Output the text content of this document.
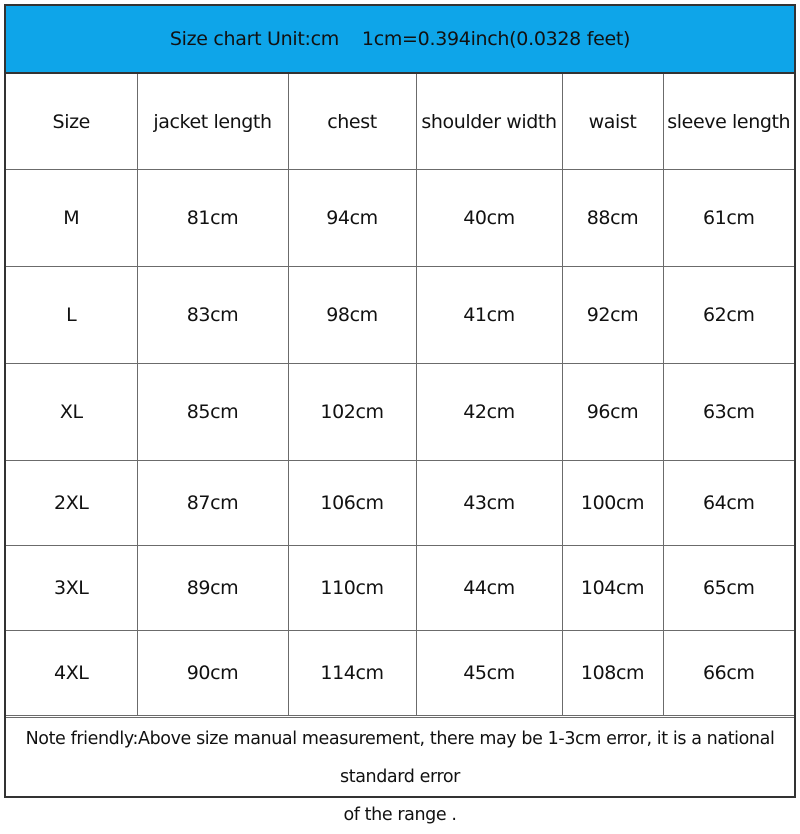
Size chart Unit:cm    1cm=0.394inch(0.0328 feet)
Size	jacket length	chest	shoulder width	waist	sleeve length
M	81cm	94cm	40cm	88cm	61cm
L	83cm	98cm	41cm	92cm	62cm
XL	85cm	102cm	42cm	96cm	63cm
2XL	87cm	106cm	43cm	100cm	64cm
3XL	89cm	110cm	44cm	104cm	65cm
4XL	90cm	114cm	45cm	108cm	66cm
Note friendly:Above size manual measurement, there may be 1-3cm error, it is a national standard error
of the range .
